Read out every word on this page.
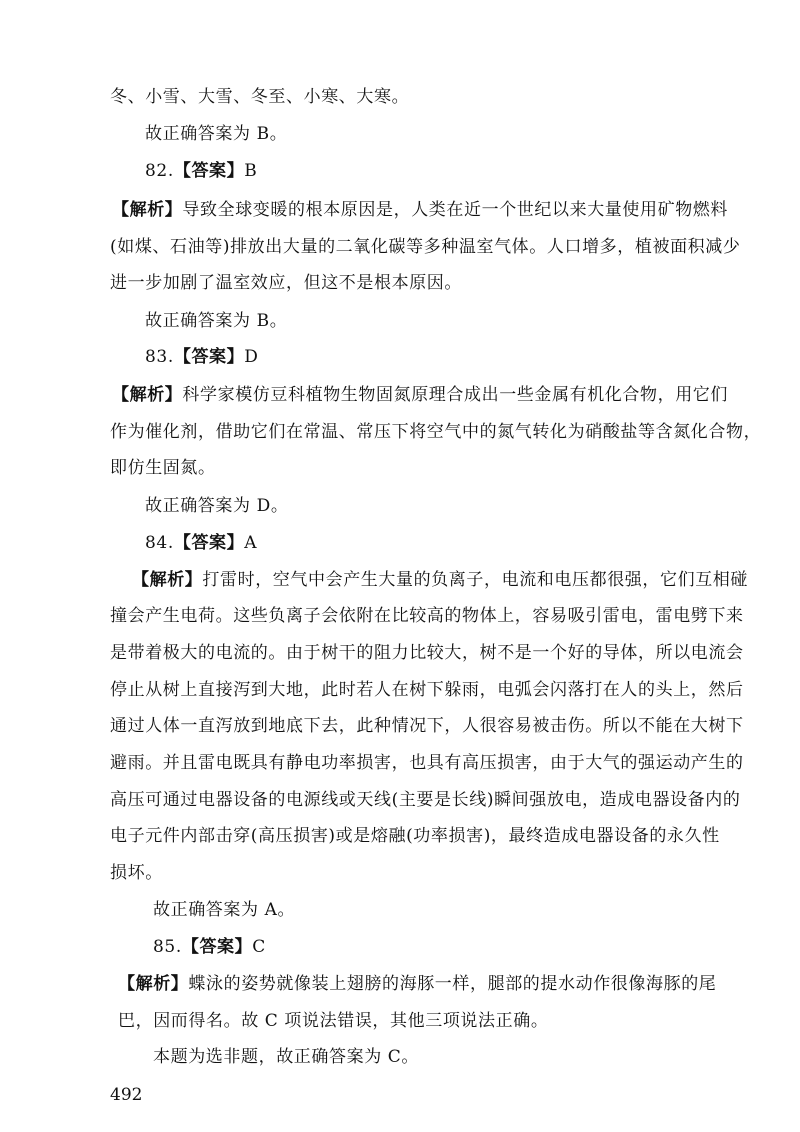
冬、小雪、大雪、冬至、小寒、大寒。
故正确答案为 B。
82.【答案】B
【解析】导致全球变暖的根本原因是，人类在近一个世纪以来大量使用矿物燃料
(如煤、石油等)排放出大量的二氧化碳等多种温室气体。人口增多，植被面积减少
进一步加剧了温室效应，但这不是根本原因。
故正确答案为 B。
83.【答案】D
【解析】科学家模仿豆科植物生物固氮原理合成出一些金属有机化合物，用它们
作为催化剂，借助它们在常温、常压下将空气中的氮气转化为硝酸盐等含氮化合物，
即仿生固氮。
故正确答案为 D。
84.【答案】A
【解析】打雷时，空气中会产生大量的负离子，电流和电压都很强，它们互相碰
撞会产生电荷。这些负离子会依附在比较高的物体上，容易吸引雷电，雷电劈下来
是带着极大的电流的。由于树干的阻力比较大，树不是一个好的导体，所以电流会
停止从树上直接泻到大地，此时若人在树下躲雨，电弧会闪落打在人的头上，然后
通过人体一直泻放到地底下去，此种情况下，人很容易被击伤。所以不能在大树下
避雨。并且雷电既具有静电功率损害，也具有高压损害，由于大气的强运动产生的
高压可通过电器设备的电源线或天线(主要是长线)瞬间强放电，造成电器设备内的
电子元件内部击穿(高压损害)或是熔融(功率损害)，最终造成电器设备的永久性
损坏。
故正确答案为 A。
85.【答案】C
【解析】蝶泳的姿势就像装上翅膀的海豚一样，腿部的提水动作很像海豚的尾
巴，因而得名。故 C 项说法错误，其他三项说法正确。
本题为选非题，故正确答案为 C。
492
